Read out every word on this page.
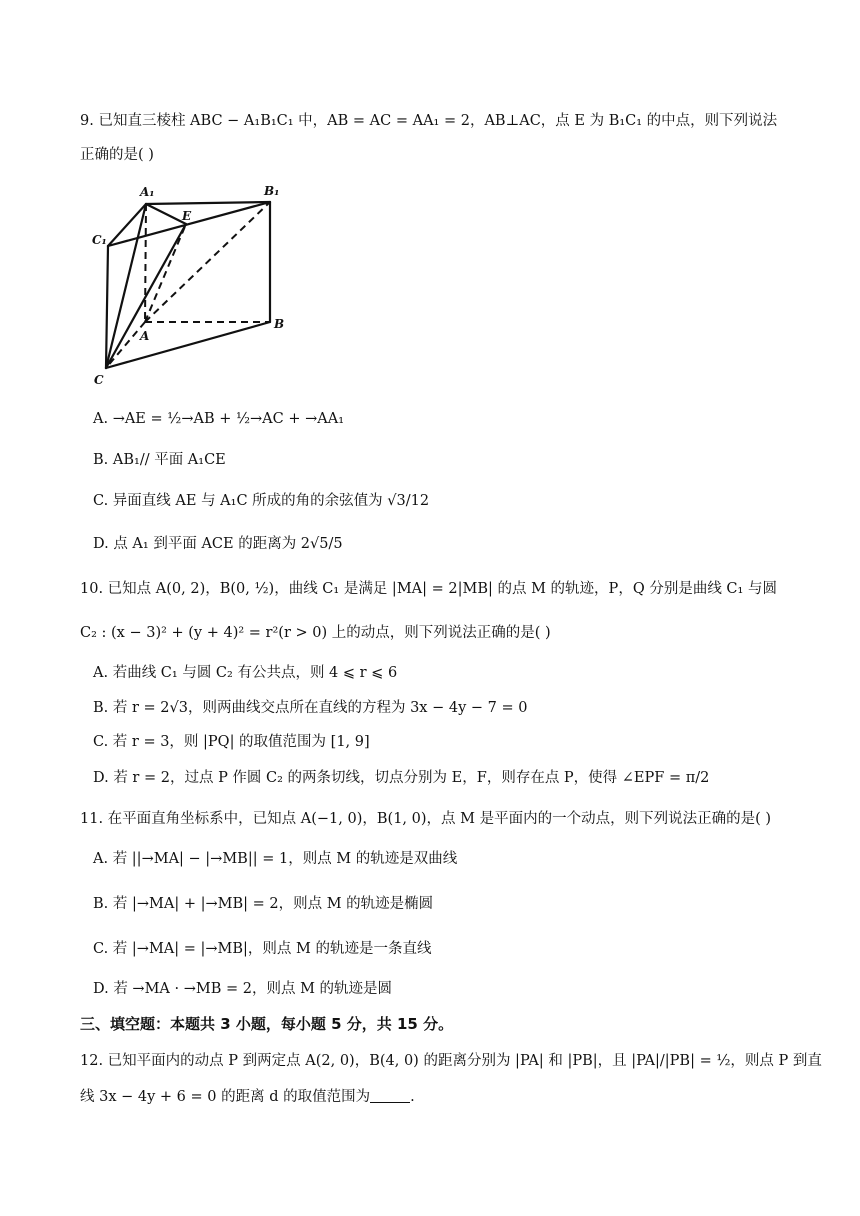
9. 已知直三棱柱 ABC − A₁B₁C₁ 中，AB = AC = AA₁ = 2，AB⊥AC，点 E 为 B₁C₁ 的中点，则下列说法
正确的是( )
A₁	B₁
C₁
E
A
B
C
A. →AE = ½→AB + ½→AC + →AA₁
B. AB₁// 平面 A₁CE
C. 异面直线 AE 与 A₁C 所成的角的余弦值为 √3/12
D. 点 A₁ 到平面 ACE 的距离为 2√5/5
10. 已知点 A(0, 2)，B(0, ½)，曲线 C₁ 是满足 |MA| = 2|MB| 的点 M 的轨迹，P，Q 分别是曲线 C₁ 与圆
C₂ : (x − 3)² + (y + 4)² = r²(r > 0) 上的动点，则下列说法正确的是( )
A. 若曲线 C₁ 与圆 C₂ 有公共点，则 4 ⩽ r ⩽ 6
B. 若 r = 2√3，则两曲线交点所在直线的方程为 3x − 4y − 7 = 0
C. 若 r = 3，则 |PQ| 的取值范围为 [1, 9]
D. 若 r = 2，过点 P 作圆 C₂ 的两条切线，切点分别为 E，F，则存在点 P，使得 ∠EPF = π/2
11. 在平面直角坐标系中，已知点 A(−1, 0)，B(1, 0)，点 M 是平面内的一个动点，则下列说法正确的是( )
A. 若 ||→MA| − |→MB|| = 1，则点 M 的轨迹是双曲线
B. 若 |→MA| + |→MB| = 2，则点 M 的轨迹是椭圆
C. 若 |→MA| = |→MB|，则点 M 的轨迹是一条直线
D. 若 →MA · →MB = 2，则点 M 的轨迹是圆
三、填空题：本题共 3 小题，每小题 5 分，共 15 分。
12. 已知平面内的动点 P 到两定点 A(2, 0)，B(4, 0) 的距离分别为 |PA| 和 |PB|，且 |PA|/|PB| = ½，则点 P 到直
线 3x − 4y + 6 = 0 的距离 d 的取值范围为	.
